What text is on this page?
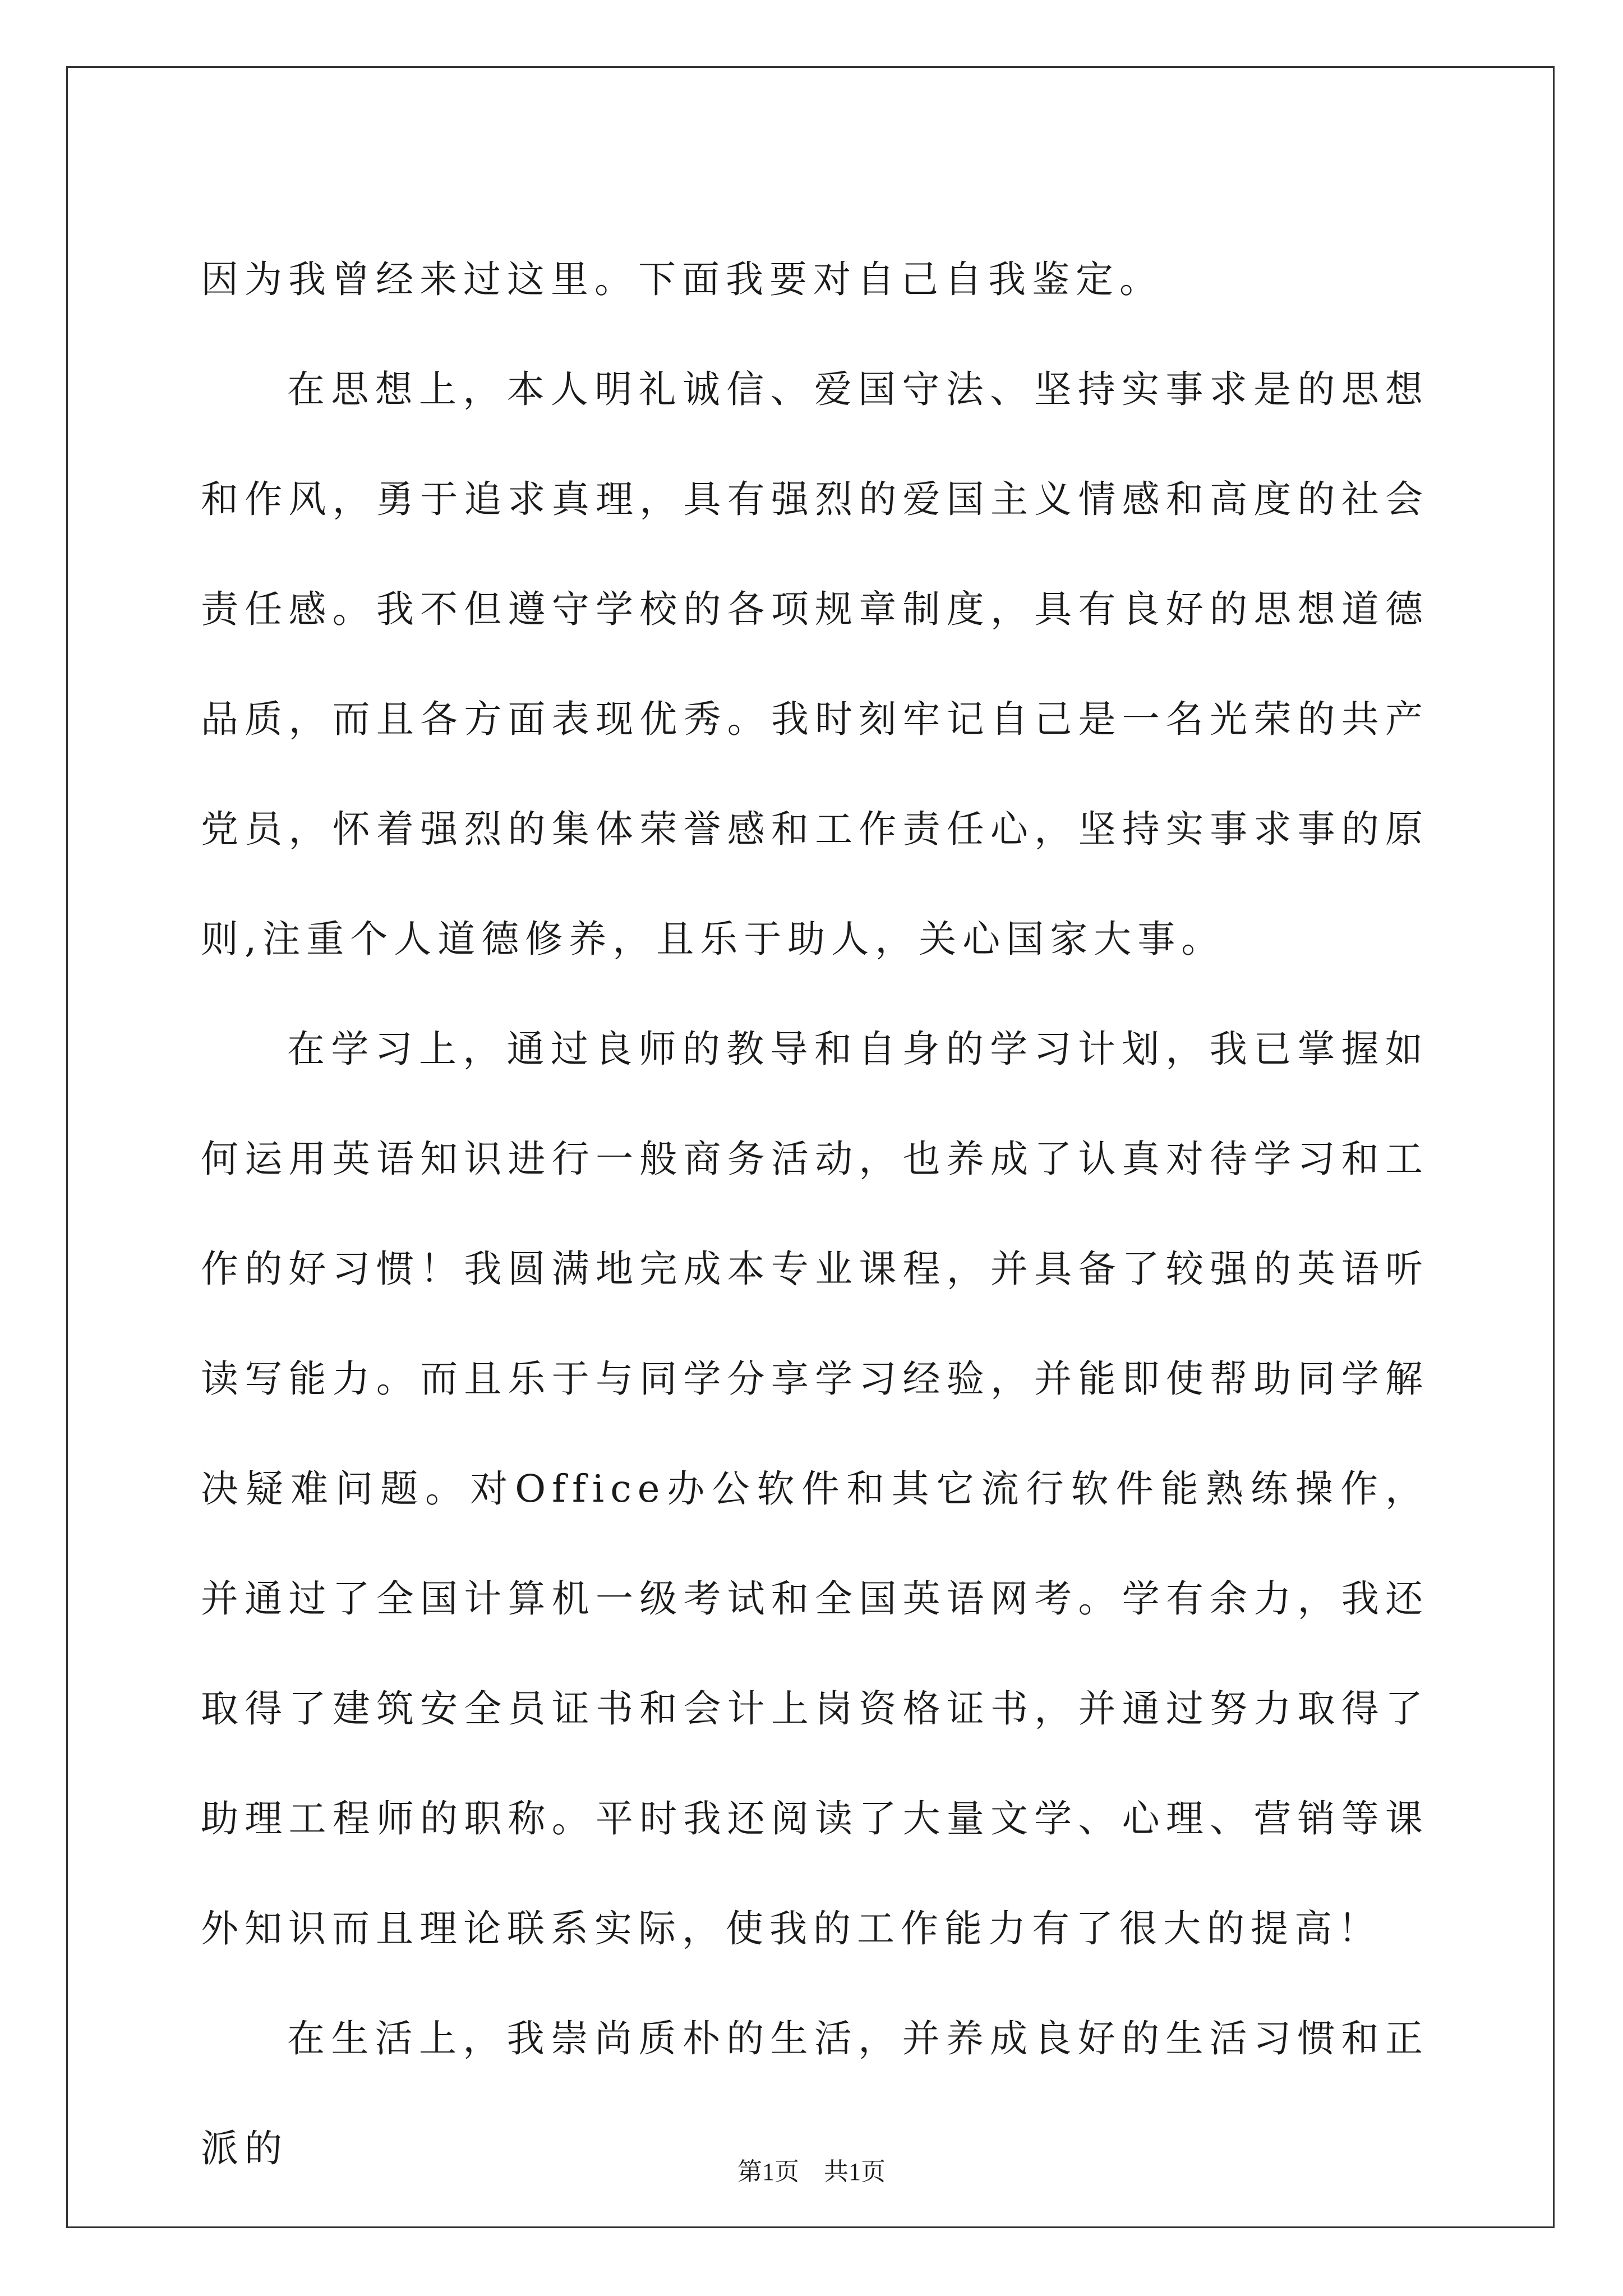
因为我曾经来过这里。下面我要对自己自我鉴定。

在思想上，本人明礼诚信、爱国守法、坚持实事求是的思想和作风，勇于追求真理，具有强烈的爱国主义情感和高度的社会责任感。我不但遵守学校的各项规章制度，具有良好的思想道德品质，而且各方面表现优秀。我时刻牢记自己是一名光荣的共产党员，怀着强烈的集体荣誉感和工作责任心，坚持实事求事的原则,注重个人道德修养，且乐于助人，关心国家大事。

在学习上，通过良师的教导和自身的学习计划，我已掌握如何运用英语知识进行一般商务活动，也养成了认真对待学习和工作的好习惯！我圆满地完成本专业课程，并具备了较强的英语听读写能力。而且乐于与同学分享学习经验，并能即使帮助同学解决疑难问题。对Office办公软件和其它流行软件能熟练操作，并通过了全国计算机一级考试和全国英语网考。学有余力，我还取得了建筑安全员证书和会计上岗资格证书，并通过努力取得了助理工程师的职称。平时我还阅读了大量文学、心理、营销等课外知识而且理论联系实际，使我的工作能力有了很大的提高！

在生活上，我崇尚质朴的生活，并养成良好的生活习惯和正派的

第1页　共1页
